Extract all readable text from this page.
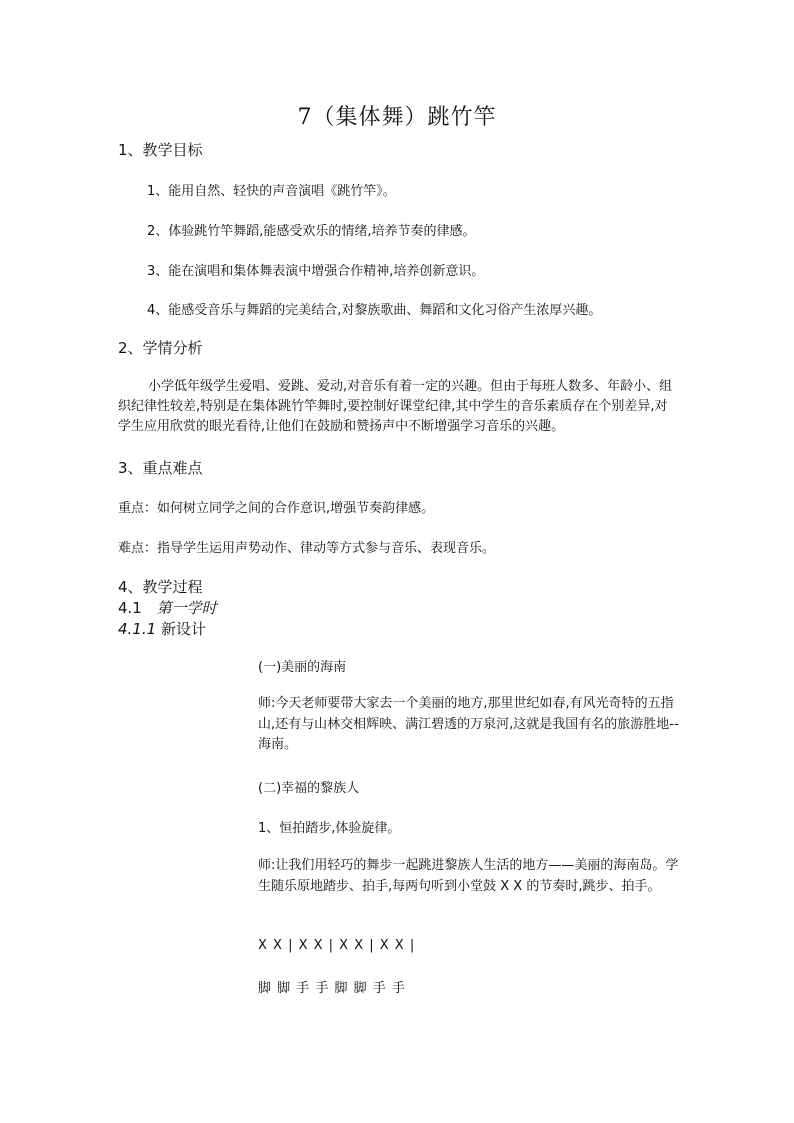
7（集体舞）跳竹竿
1、教学目标
1、能用自然、轻快的声音演唱《跳竹竿》。
2、体验跳竹竿舞蹈,能感受欢乐的情绪,培养节奏的律感。
3、能在演唱和集体舞表演中增强合作精神,培养创新意识。
4、能感受音乐与舞蹈的完美结合,对黎族歌曲、舞蹈和文化习俗产生浓厚兴趣。
2、学情分析
小学低年级学生爱唱、爱跳、爱动,对音乐有着一定的兴趣。但由于每班人数多、年龄小、组织纪律性较差,特别是在集体跳竹竿舞时,要控制好课堂纪律,其中学生的音乐素质存在个别差异,对学生应用欣赏的眼光看待,让他们在鼓励和赞扬声中不断增强学习音乐的兴趣。
3、重点难点
重点：如何树立同学之间的合作意识,增强节奏韵律感。
难点：指导学生运用声势动作、律动等方式参与音乐、表现音乐。
4、教学过程
4.1 第一学时
4.1.1 新设计
(一)美丽的海南
师:今天老师要带大家去一个美丽的地方,那里世纪如春,有风光奇特的五指山,还有与山林交相辉映、满江碧透的万泉河,这就是我国有名的旅游胜地--海南。
(二)幸福的黎族人
1、恒拍踏步,体验旋律。
师:让我们用轻巧的舞步一起跳进黎族人生活的地方——美丽的海南岛。学生随乐原地踏步、拍手,每两句听到小堂鼓 X X 的节奏时,跳步、拍手。
X X | X X | X X | X X |
脚 脚 手 手 脚 脚 手 手
